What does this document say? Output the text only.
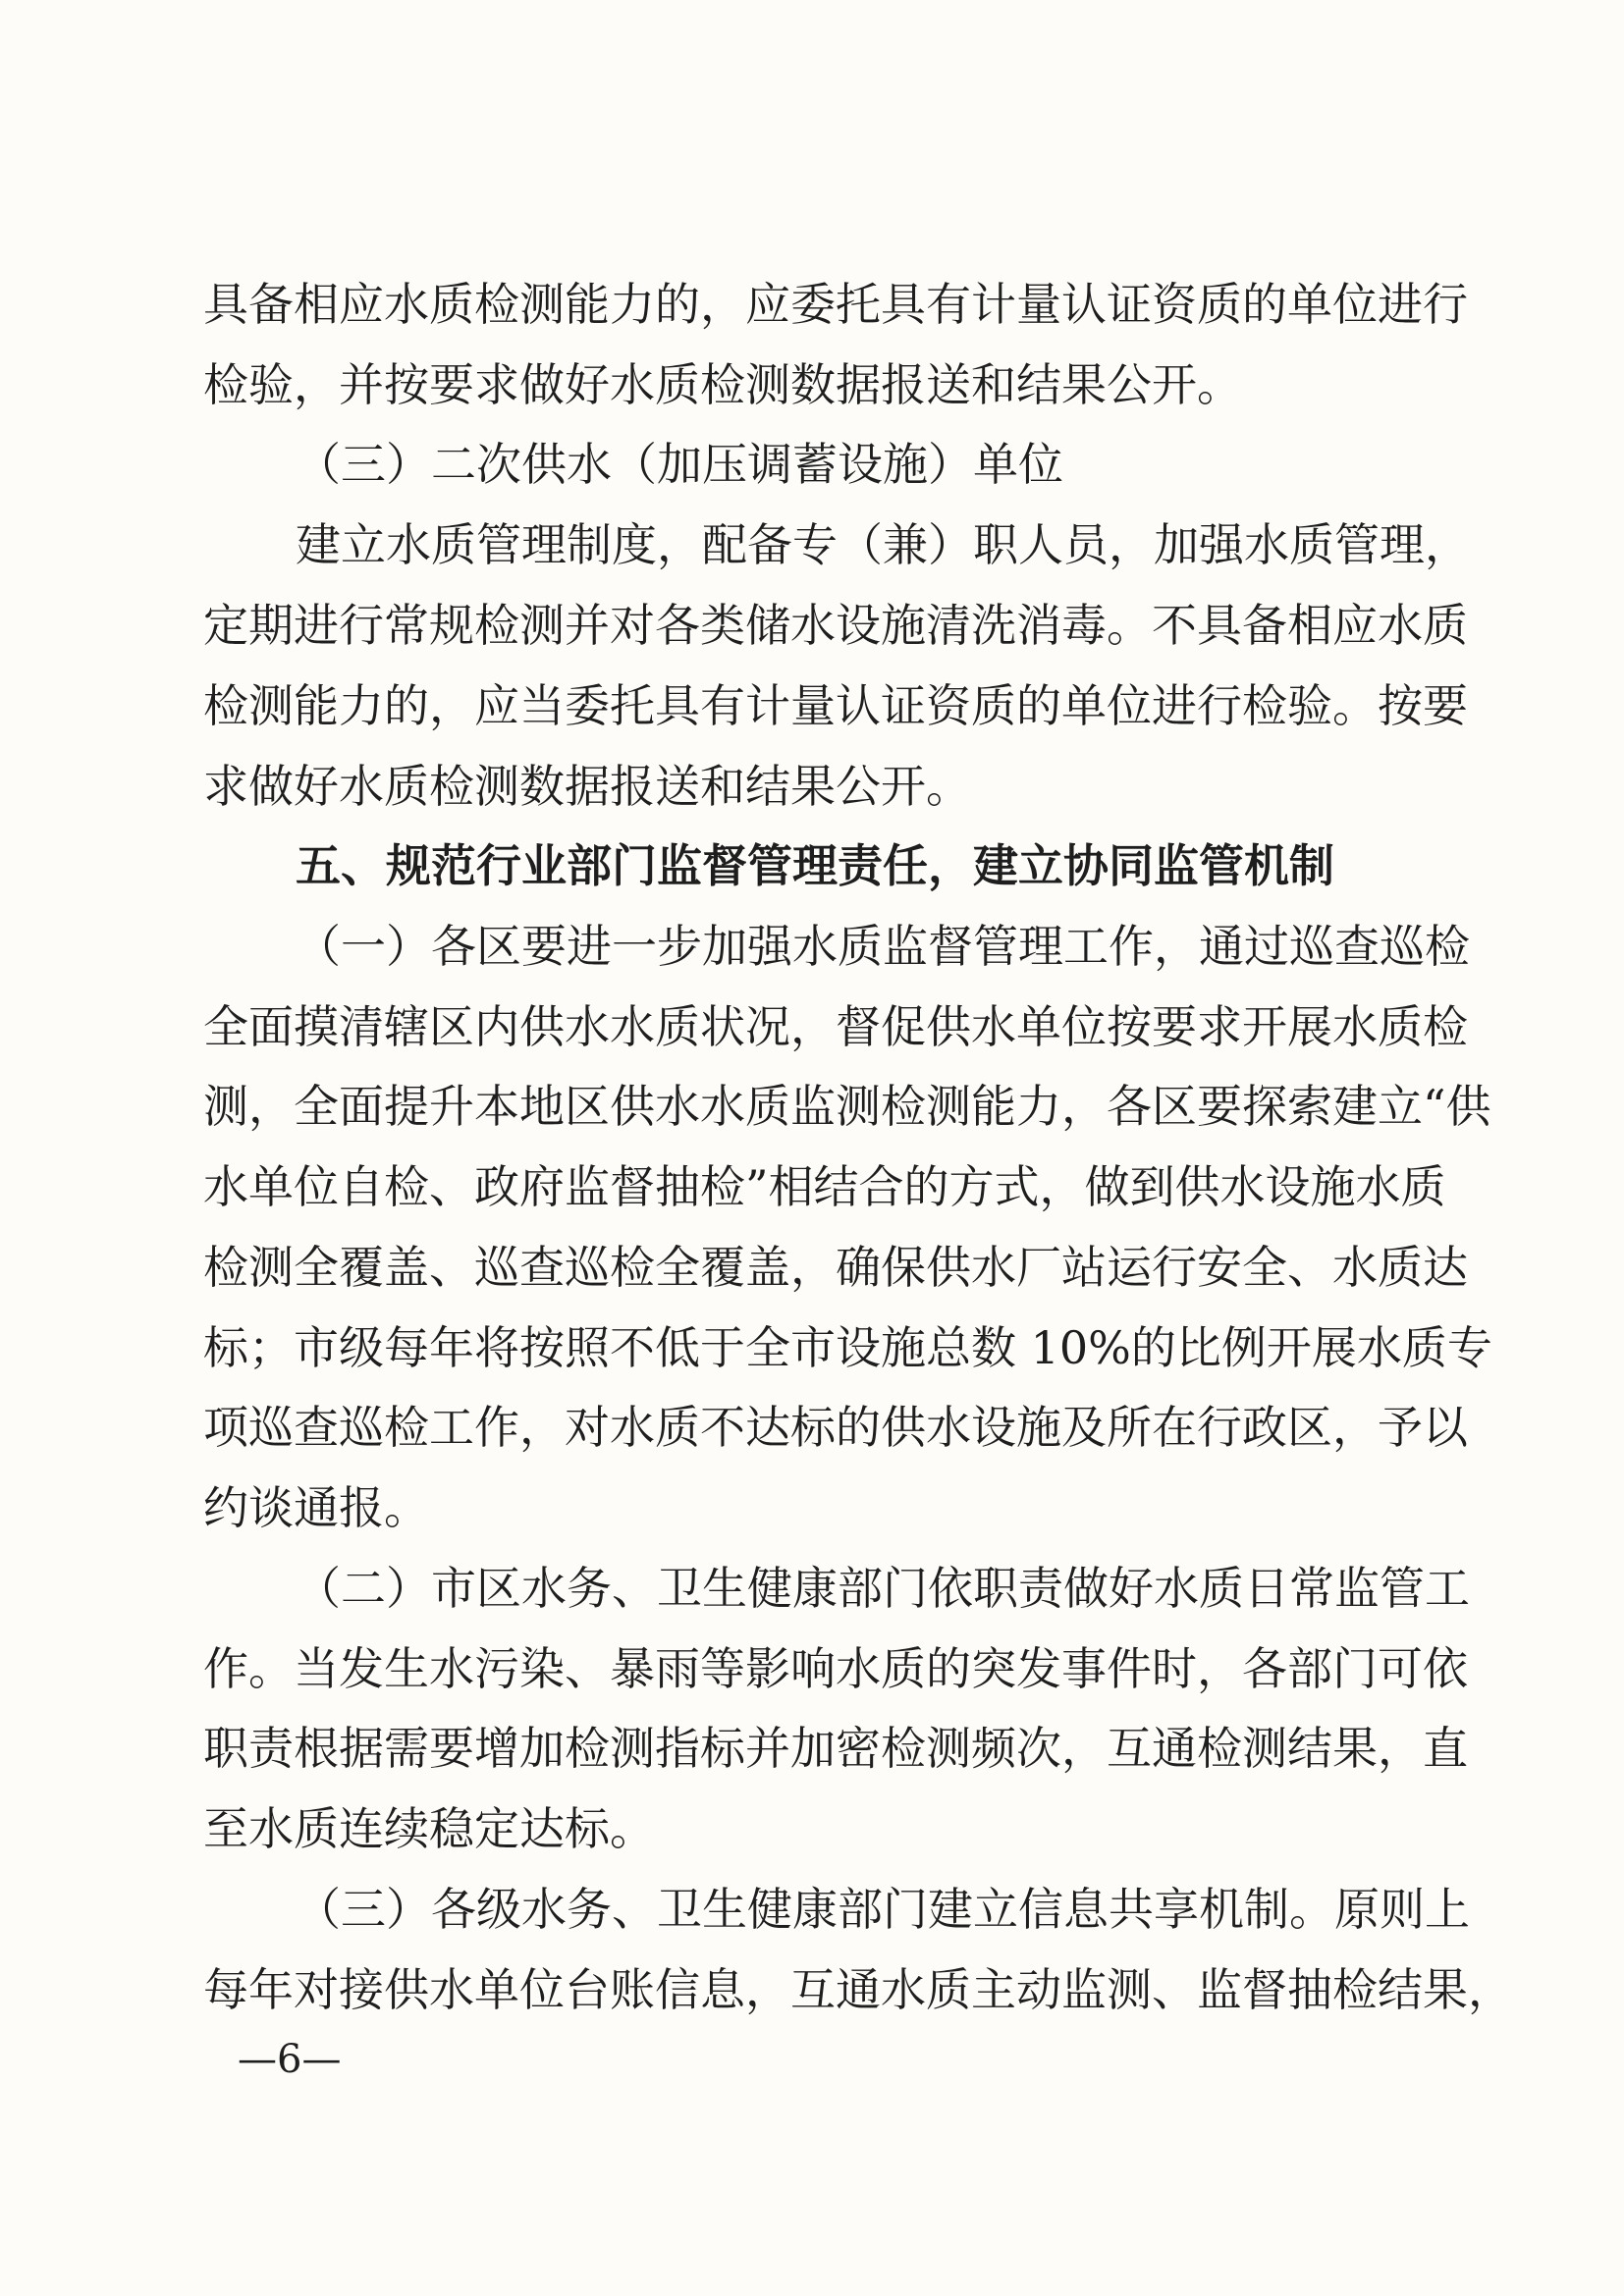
具备相应水质检测能力的，应委托具有计量认证资质的单位进行
检验，并按要求做好水质检测数据报送和结果公开。
（三）二次供水（加压调蓄设施）单位
建立水质管理制度，配备专（兼）职人员，加强水质管理，
定期进行常规检测并对各类储水设施清洗消毒。不具备相应水质
检测能力的，应当委托具有计量认证资质的单位进行检验。按要
求做好水质检测数据报送和结果公开。
五、规范行业部门监督管理责任，建立协同监管机制
（一）各区要进一步加强水质监督管理工作，通过巡查巡检
全面摸清辖区内供水水质状况，督促供水单位按要求开展水质检
测，全面提升本地区供水水质监测检测能力，各区要探索建立“供
水单位自检、政府监督抽检”相结合的方式，做到供水设施水质
检测全覆盖、巡查巡检全覆盖，确保供水厂站运行安全、水质达
标；市级每年将按照不低于全市设施总数 10%的比例开展水质专
项巡查巡检工作，对水质不达标的供水设施及所在行政区，予以
约谈通报。
（二）市区水务、卫生健康部门依职责做好水质日常监管工
作。当发生水污染、暴雨等影响水质的突发事件时，各部门可依
职责根据需要增加检测指标并加密检测频次，互通检测结果，直
至水质连续稳定达标。
（三）各级水务、卫生健康部门建立信息共享机制。原则上
每年对接供水单位台账信息，互通水质主动监测、监督抽检结果，
—6—
